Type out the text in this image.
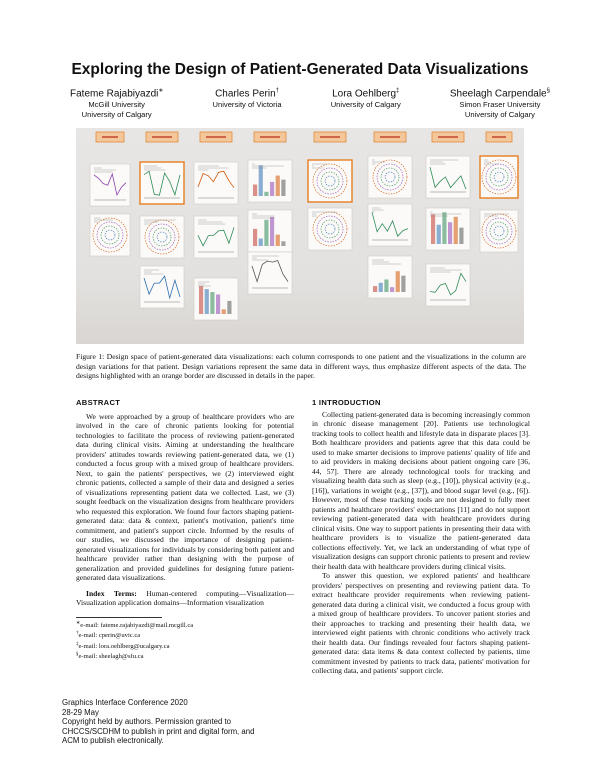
Exploring the Design of Patient-Generated Data Visualizations
Fateme Rajabiyazdi∗
McGill University
University of Calgary
Charles Perin†
University of Victoria
Lora Oehlberg‡
University of Calgary
Sheelagh Carpendale§
Simon Fraser University
University of Calgary
Figure 1: Design space of patient-generated data visualizations: each column corresponds to one patient and the visualizations in the column are design variations for that patient. Design variations represent the same data in different ways, thus emphasize different aspects of the data. The designs highlighted with an orange border are discussed in details in the paper.
ABSTRACT

We were approached by a group of healthcare providers who are involved in the care of chronic patients looking for potential technologies to facilitate the process of reviewing patient-generated data during clinical visits. Aiming at understanding the healthcare providers' attitudes towards reviewing patient-generated data, we (1) conducted a focus group with a mixed group of healthcare providers. Next, to gain the patients' perspectives, we (2) interviewed eight chronic patients, collected a sample of their data and designed a series of visualizations representing patient data we collected. Last, we (3) sought feedback on the visualization designs from healthcare providers who requested this exploration. We found four factors shaping patient-generated data: data & context, patient's motivation, patient's time commitment, and patient's support circle. Informed by the results of our studies, we discussed the importance of designing patient-generated visualizations for individuals by considering both patient and healthcare provider rather than designing with the purpose of generalization and provided guidelines for designing future patient-generated data visualizations.

Index Terms: Human-centered computing—Visualization—Visualization application domains—Information visualization

∗e-mail: fateme.rajabiyazdi@mail.mcgill.ca
†e-mail: cperin@uvic.ca
‡e-mail: lora.oehlberg@ucalgary.ca
§e-mail: sheelagh@sfu.ca
1 INTRODUCTION

Collecting patient-generated data is becoming increasingly common in chronic disease management [20]. Patients use technological tracking tools to collect health and lifestyle data in disparate places [3]. Both healthcare providers and patients agree that this data could be used to make smarter decisions to improve patients' quality of life and to aid providers in making decisions about patient ongoing care [36, 44, 57]. There are already technological tools for tracking and visualizing health data such as sleep (e.g., [10]), physical activity (e.g., [16]), variations in weight (e.g., [37]), and blood sugar level (e.g., [6]). However, most of these tracking tools are not designed to fully meet patients and healthcare providers' expectations [11] and do not support reviewing patient-generated data with healthcare providers during clinical visits. One way to support patients in presenting their data with healthcare providers is to visualize the patient-generated data collections effectively. Yet, we lack an understanding of what type of visualization designs can support chronic patients to present and review their health data with healthcare providers during clinical visits.

To answer this question, we explored patients' and healthcare providers' perspectives on presenting and reviewing patient data. To extract healthcare provider requirements when reviewing patient-generated data during a clinical visit, we conducted a focus group with a mixed group of healthcare providers. To uncover patient stories and their approaches to tracking and presenting their health data, we interviewed eight patients with chronic conditions who actively track their health data. Our findings revealed four factors shaping patient-generated data: data items & data context collected by patients, time commitment invested by patients to track data, patients' motivation for collecting data, and patients' support circle.

Graphics Interface Conference 2020
28-29 May
Copyright held by authors. Permission granted to
CHCCS/SCDHM to publish in print and digital form, and
ACM to publish electronically.
